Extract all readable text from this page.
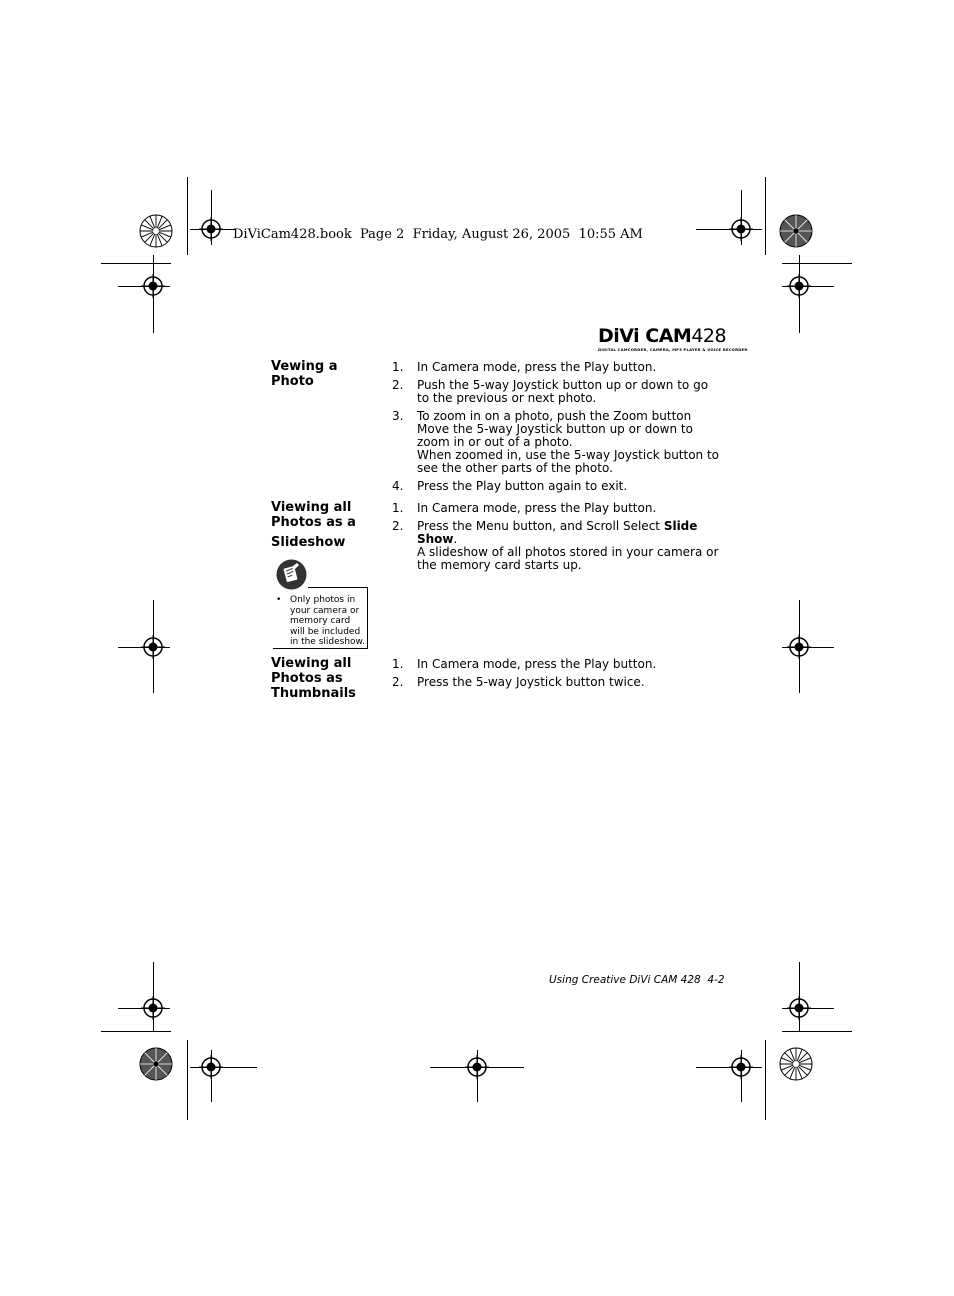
DiViCam428.book  Page 2  Friday, August 26, 2005  10:55 AM
DiVi CAM428
DIGITAL CAMCORDER, CAMERA, MP3 PLAYER & VOICE RECORDER
Vewing a Photo
1. In Camera mode, press the Play button.
2. Push the 5-way Joystick button up or down to go to the previous or next photo.
3. To zoom in on a photo, push the Zoom button Move the 5-way Joystick button up or down to zoom in or out of a photo.
When zoomed in, use the 5-way Joystick button to see the other parts of the photo.
4. Press the Play button again to exit.
Viewing all Photos as a
Slideshow
1. In Camera mode, press the Play button.
2. Press the Menu button, and Scroll Select Slide Show.
A slideshow of all photos stored in your camera or the memory card starts up.
• Only photos in your camera or memory card will be included in the slideshow.
Viewing all Photos as Thumbnails
1. In Camera mode, press the Play button.
2. Press the 5-way Joystick button twice.
Using Creative DiVi CAM 428  4-2
